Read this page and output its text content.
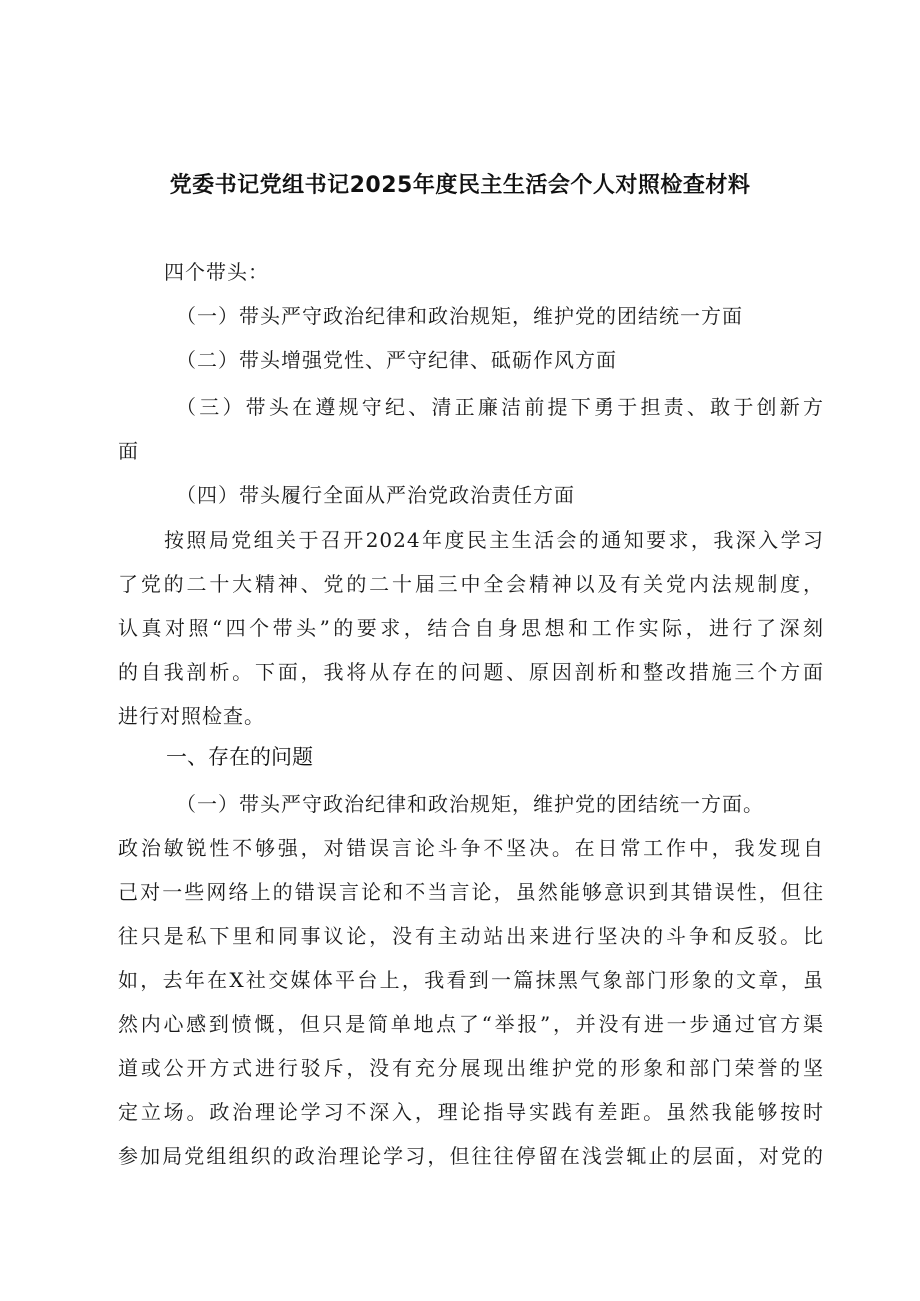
党委书记党组书记2025年度民主生活会个人对照检查材料
四个带头：
（一）带头严守政治纪律和政治规矩，维护党的团结统一方面
（二）带头增强党性、严守纪律、砥砺作风方面
（三）带头在遵规守纪、清正廉洁前提下勇于担责、敢于创新方
面
（四）带头履行全面从严治党政治责任方面
按照局党组关于召开2024年度民主生活会的通知要求，我深入学习
了党的二十大精神、党的二十届三中全会精神以及有关党内法规制度，
认真对照“四个带头”的要求，结合自身思想和工作实际，进行了深刻
的自我剖析。下面，我将从存在的问题、原因剖析和整改措施三个方面
进行对照检查。
一、存在的问题
（一）带头严守政治纪律和政治规矩，维护党的团结统一方面。
政治敏锐性不够强，对错误言论斗争不坚决。在日常工作中，我发现自
己对一些网络上的错误言论和不当言论，虽然能够意识到其错误性，但往
往只是私下里和同事议论，没有主动站出来进行坚决的斗争和反驳。比
如，去年在X社交媒体平台上，我看到一篇抹黑气象部门形象的文章，虽
然内心感到愤慨，但只是简单地点了“举报”，并没有进一步通过官方渠
道或公开方式进行驳斥，没有充分展现出维护党的形象和部门荣誉的坚
定立场。政治理论学习不深入，理论指导实践有差距。虽然我能够按时
参加局党组组织的政治理论学习，但往往停留在浅尝辄止的层面，对党的
